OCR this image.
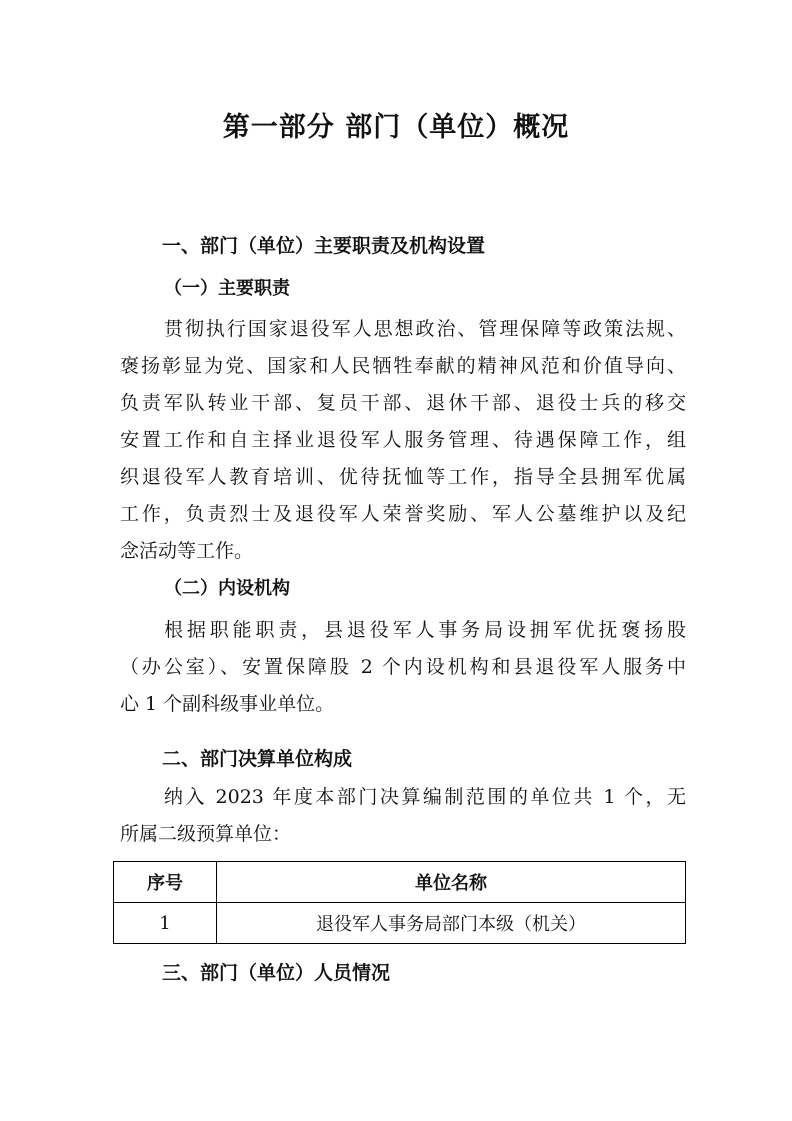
第一部分 部门（单位）概况
一、部门（单位）主要职责及机构设置
（一）主要职责
贯彻执行国家退役军人思想政治、管理保障等政策法规、
褒扬彰显为党、国家和人民牺牲奉献的精神风范和价值导向、
负责军队转业干部、复员干部、退休干部、退役士兵的移交
安置工作和自主择业退役军人服务管理、待遇保障工作，组
织退役军人教育培训、优待抚恤等工作，指导全县拥军优属
工作，负责烈士及退役军人荣誉奖励、军人公墓维护以及纪
念活动等工作。
（二）内设机构
根据职能职责，县退役军人事务局设拥军优抚褒扬股
（办公室）、安置保障股 2 个内设机构和县退役军人服务中
心 1 个副科级事业单位。
二、部门决算单位构成
纳入 2023 年度本部门决算编制范围的单位共 1 个，无
所属二级预算单位：
序号	单位名称
1	退役军人事务局部门本级（机关）
三、部门（单位）人员情况
